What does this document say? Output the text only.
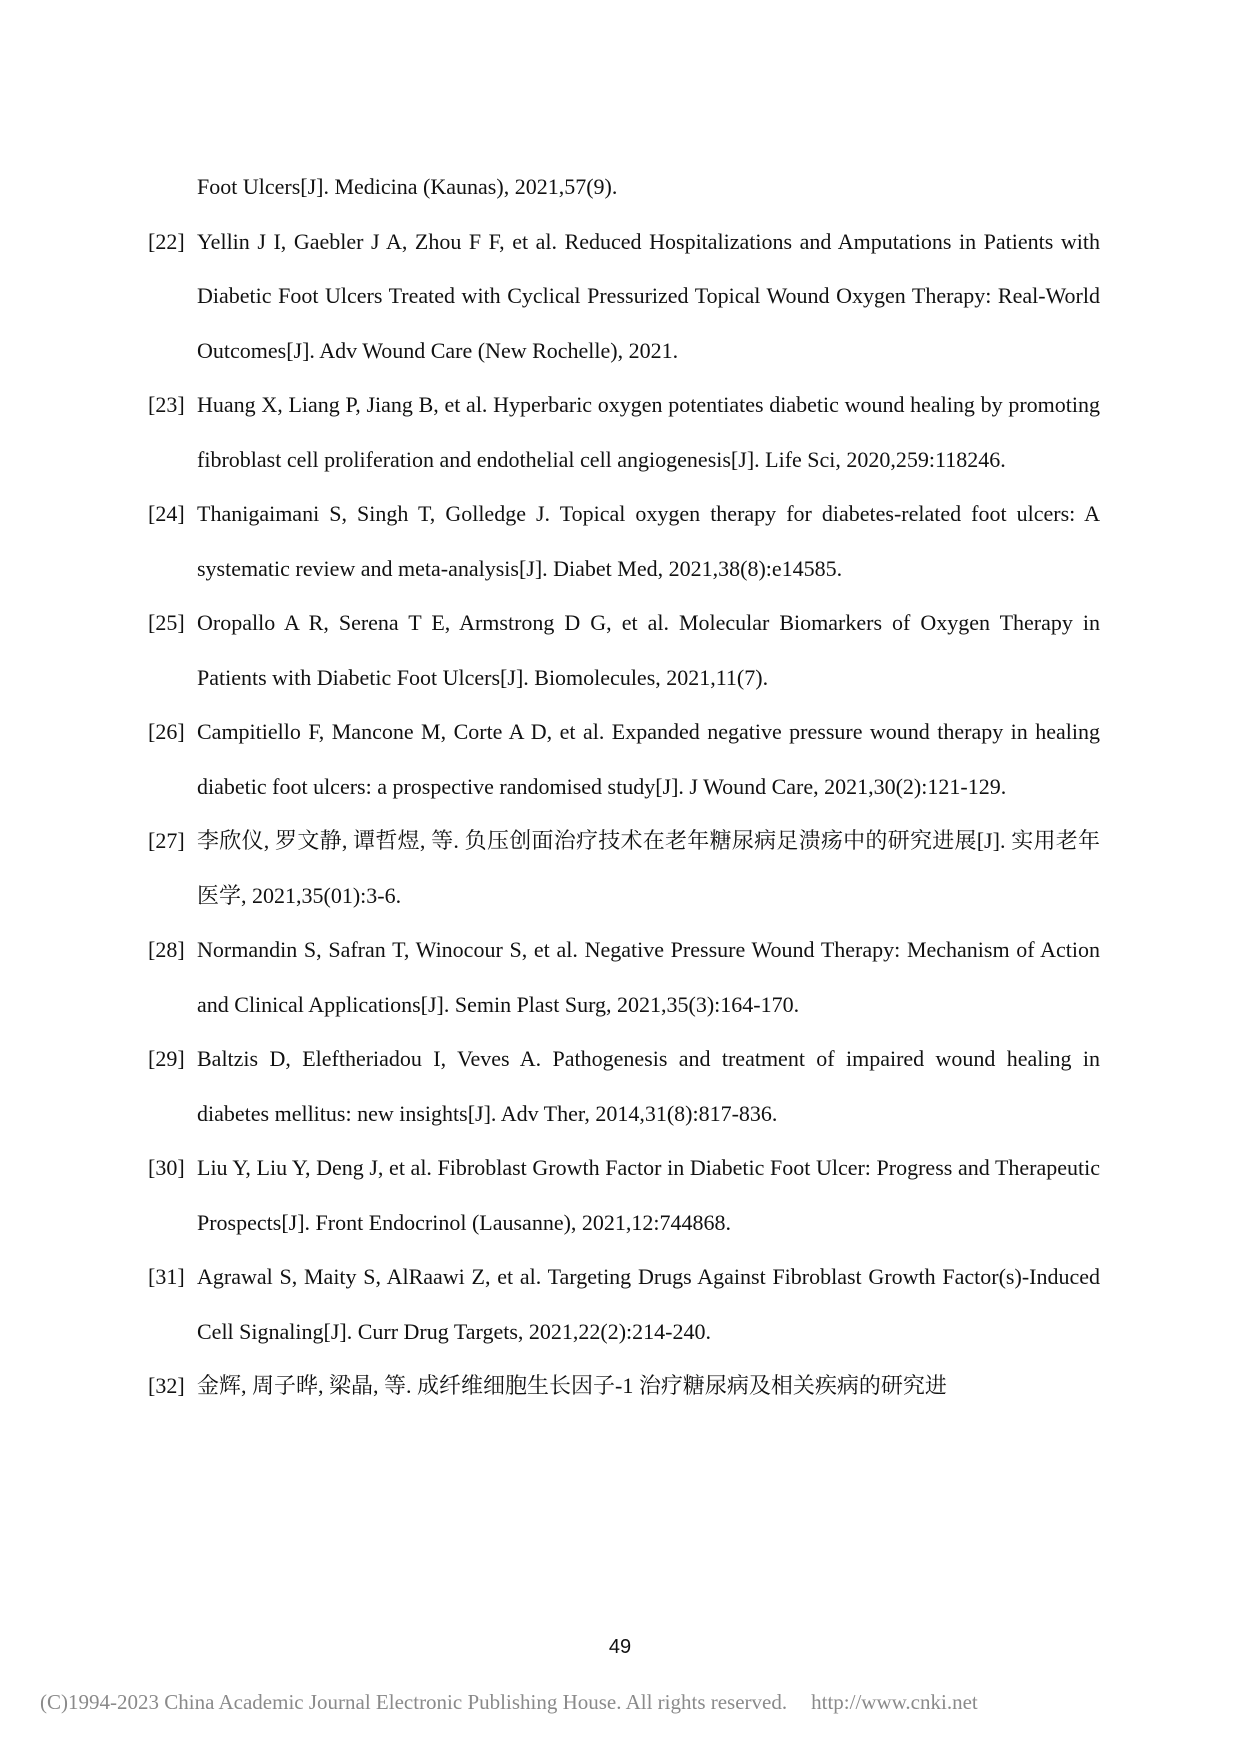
Foot Ulcers[J]. Medicina (Kaunas), 2021,57(9).
[22] Yellin J I, Gaebler J A, Zhou F F, et al. Reduced Hospitalizations and Amputations in Patients with Diabetic Foot Ulcers Treated with Cyclical Pressurized Topical Wound Oxygen Therapy: Real-World Outcomes[J]. Adv Wound Care (New Rochelle), 2021.
[23] Huang X, Liang P, Jiang B, et al. Hyperbaric oxygen potentiates diabetic wound healing by promoting fibroblast cell proliferation and endothelial cell angiogenesis[J]. Life Sci, 2020,259:118246.
[24] Thanigaimani S, Singh T, Golledge J. Topical oxygen therapy for diabetes-related foot ulcers: A systematic review and meta-analysis[J]. Diabet Med, 2021,38(8):e14585.
[25] Oropallo A R, Serena T E, Armstrong D G, et al. Molecular Biomarkers of Oxygen Therapy in Patients with Diabetic Foot Ulcers[J]. Biomolecules, 2021,11(7).
[26] Campitiello F, Mancone M, Corte A D, et al. Expanded negative pressure wound therapy in healing diabetic foot ulcers: a prospective randomised study[J]. J Wound Care, 2021,30(2):121-129.
[27] 李欣仪, 罗文静, 谭哲煜, 等. 负压创面治疗技术在老年糖尿病足溃疡中的研究进展[J]. 实用老年医学, 2021,35(01):3-6.
[28] Normandin S, Safran T, Winocour S, et al. Negative Pressure Wound Therapy: Mechanism of Action and Clinical Applications[J]. Semin Plast Surg, 2021,35(3):164-170.
[29] Baltzis D, Eleftheriadou I, Veves A. Pathogenesis and treatment of impaired wound healing in diabetes mellitus: new insights[J]. Adv Ther, 2014,31(8):817-836.
[30] Liu Y, Liu Y, Deng J, et al. Fibroblast Growth Factor in Diabetic Foot Ulcer: Progress and Therapeutic Prospects[J]. Front Endocrinol (Lausanne), 2021,12:744868.
[31] Agrawal S, Maity S, AlRaawi Z, et al. Targeting Drugs Against Fibroblast Growth Factor(s)-Induced Cell Signaling[J]. Curr Drug Targets, 2021,22(2):214-240.
[32] 金辉, 周子晔, 梁晶, 等. 成纤维细胞生长因子-1 治疗糖尿病及相关疾病的研究进
49
(C)1994-2023 China Academic Journal Electronic Publishing House. All rights reserved. http://www.cnki.net
